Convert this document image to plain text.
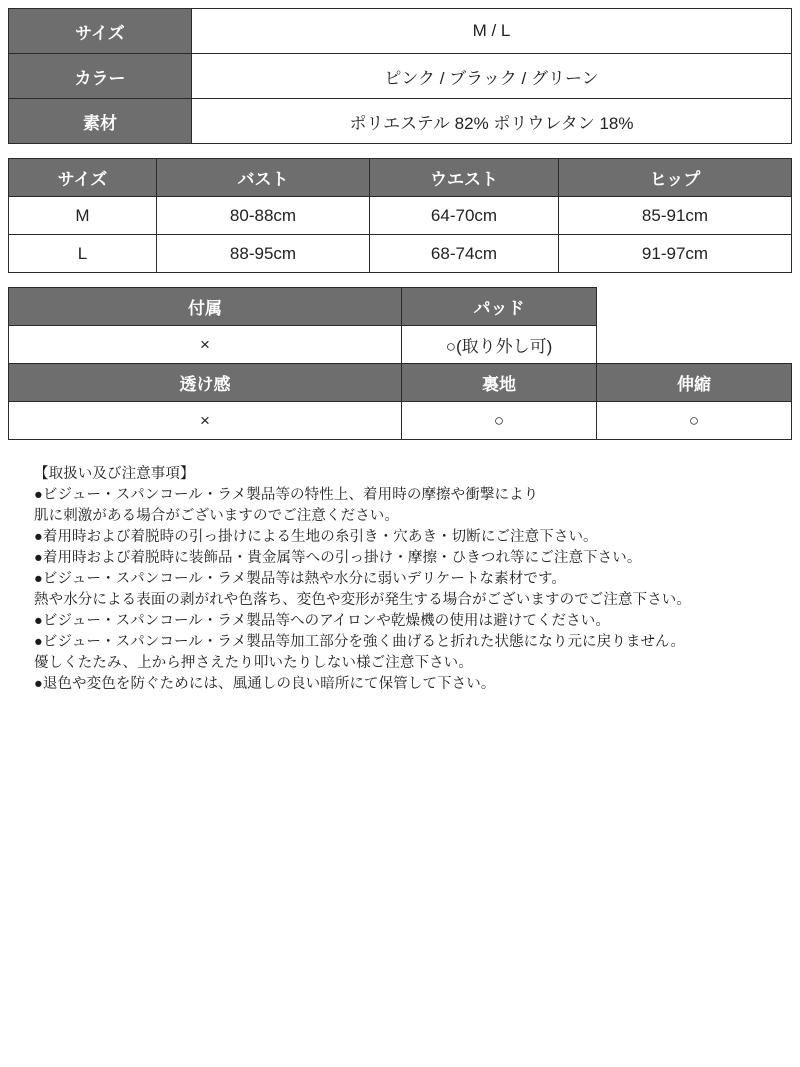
サイズ	M / L
カラー	ピンク / ブラック / グリーン
素材	ポリエステル 82% ポリウレタン 18%
サイズ	バスト	ウエスト	ヒップ
M	80-88cm	64-70cm	85-91cm
L	88-95cm	68-74cm	91-97cm
付属	パッド	
×	○(取り外し可)	
透け感	裏地	伸縮
×	○	○
【取扱い及び注意事項】
●ビジュー・スパンコール・ラメ製品等の特性上、着用時の摩擦や衝撃により
肌に刺激がある場合がございますのでご注意ください。
●着用時および着脱時の引っ掛けによる生地の糸引き・穴あき・切断にご注意下さい。
●着用時および着脱時に装飾品・貴金属等への引っ掛け・摩擦・ひきつれ等にご注意下さい。
●ビジュー・スパンコール・ラメ製品等は熱や水分に弱いデリケートな素材です。
熱や水分による表面の剥がれや色落ち、変色や変形が発生する場合がございますのでご注意下さい。
●ビジュー・スパンコール・ラメ製品等へのアイロンや乾燥機の使用は避けてください。
●ビジュー・スパンコール・ラメ製品等加工部分を強く曲げると折れた状態になり元に戻りません。
優しくたたみ、上から押さえたり叩いたりしない様ご注意下さい。
●退色や変色を防ぐためには、風通しの良い暗所にて保管して下さい。
